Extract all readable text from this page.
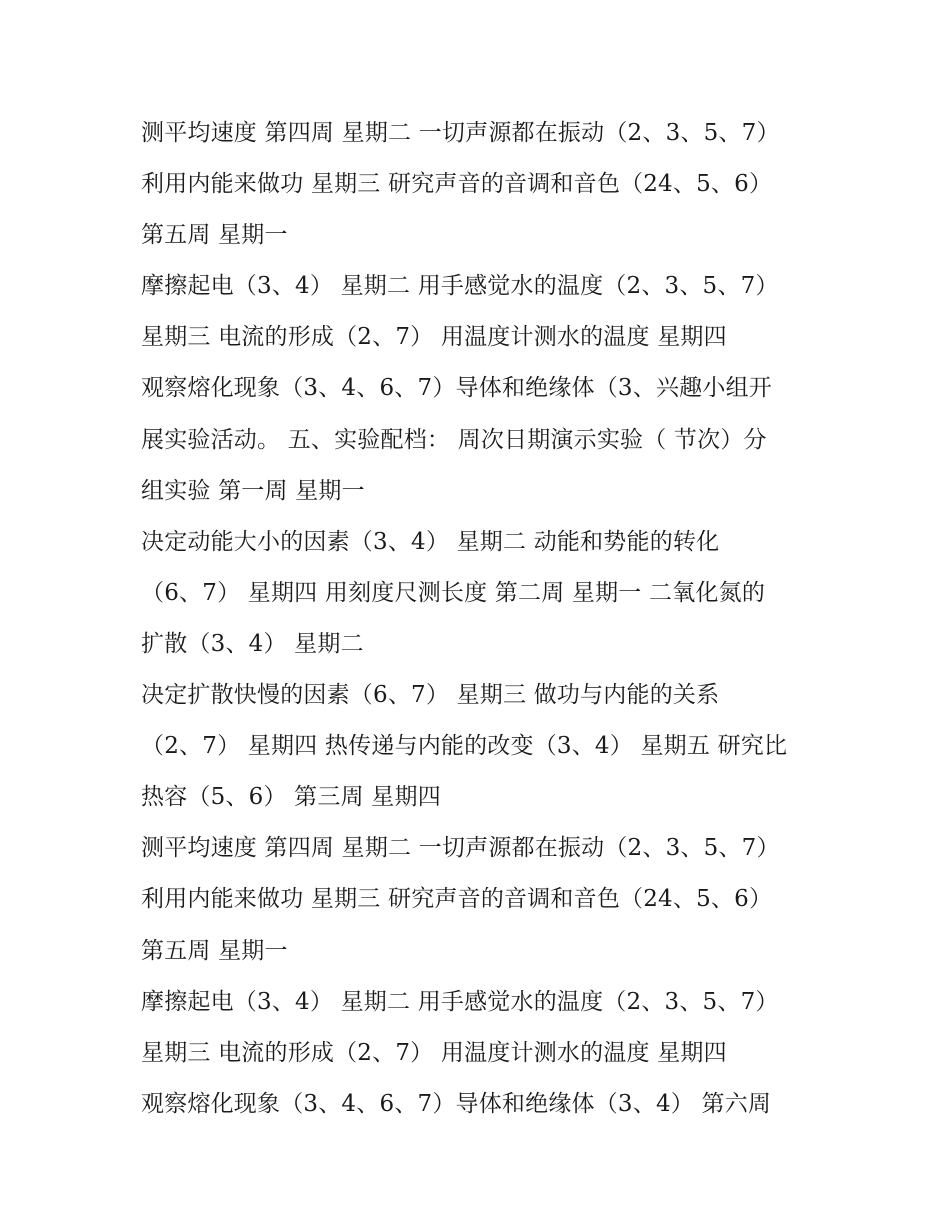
测平均速度 第四周 星期二 一切声源都在振动（2、3、5、7）
利用内能来做功 星期三 研究声音的音调和音色（24、5、6）
第五周 星期一
摩擦起电（3、4） 星期二 用手感觉水的温度（2、3、5、7）
星期三 电流的形成（2、7） 用温度计测水的温度 星期四
观察熔化现象（3、4、6、7）导体和绝缘体（3、兴趣小组开
展实验活动。 五、实验配档： 周次日期演示实验（ 节次）分
组实验 第一周 星期一
决定动能大小的因素（3、4） 星期二 动能和势能的转化
（6、7） 星期四 用刻度尺测长度 第二周 星期一 二氧化氮的
扩散（3、4） 星期二
决定扩散快慢的因素（6、7） 星期三 做功与内能的关系
（2、7） 星期四 热传递与内能的改变（3、4） 星期五 研究比
热容（5、6） 第三周 星期四
测平均速度 第四周 星期二 一切声源都在振动（2、3、5、7）
利用内能来做功 星期三 研究声音的音调和音色（24、5、6）
第五周 星期一
摩擦起电（3、4） 星期二 用手感觉水的温度（2、3、5、7）
星期三 电流的形成（2、7） 用温度计测水的温度 星期四
观察熔化现象（3、4、6、7）导体和绝缘体（3、4） 第六周
